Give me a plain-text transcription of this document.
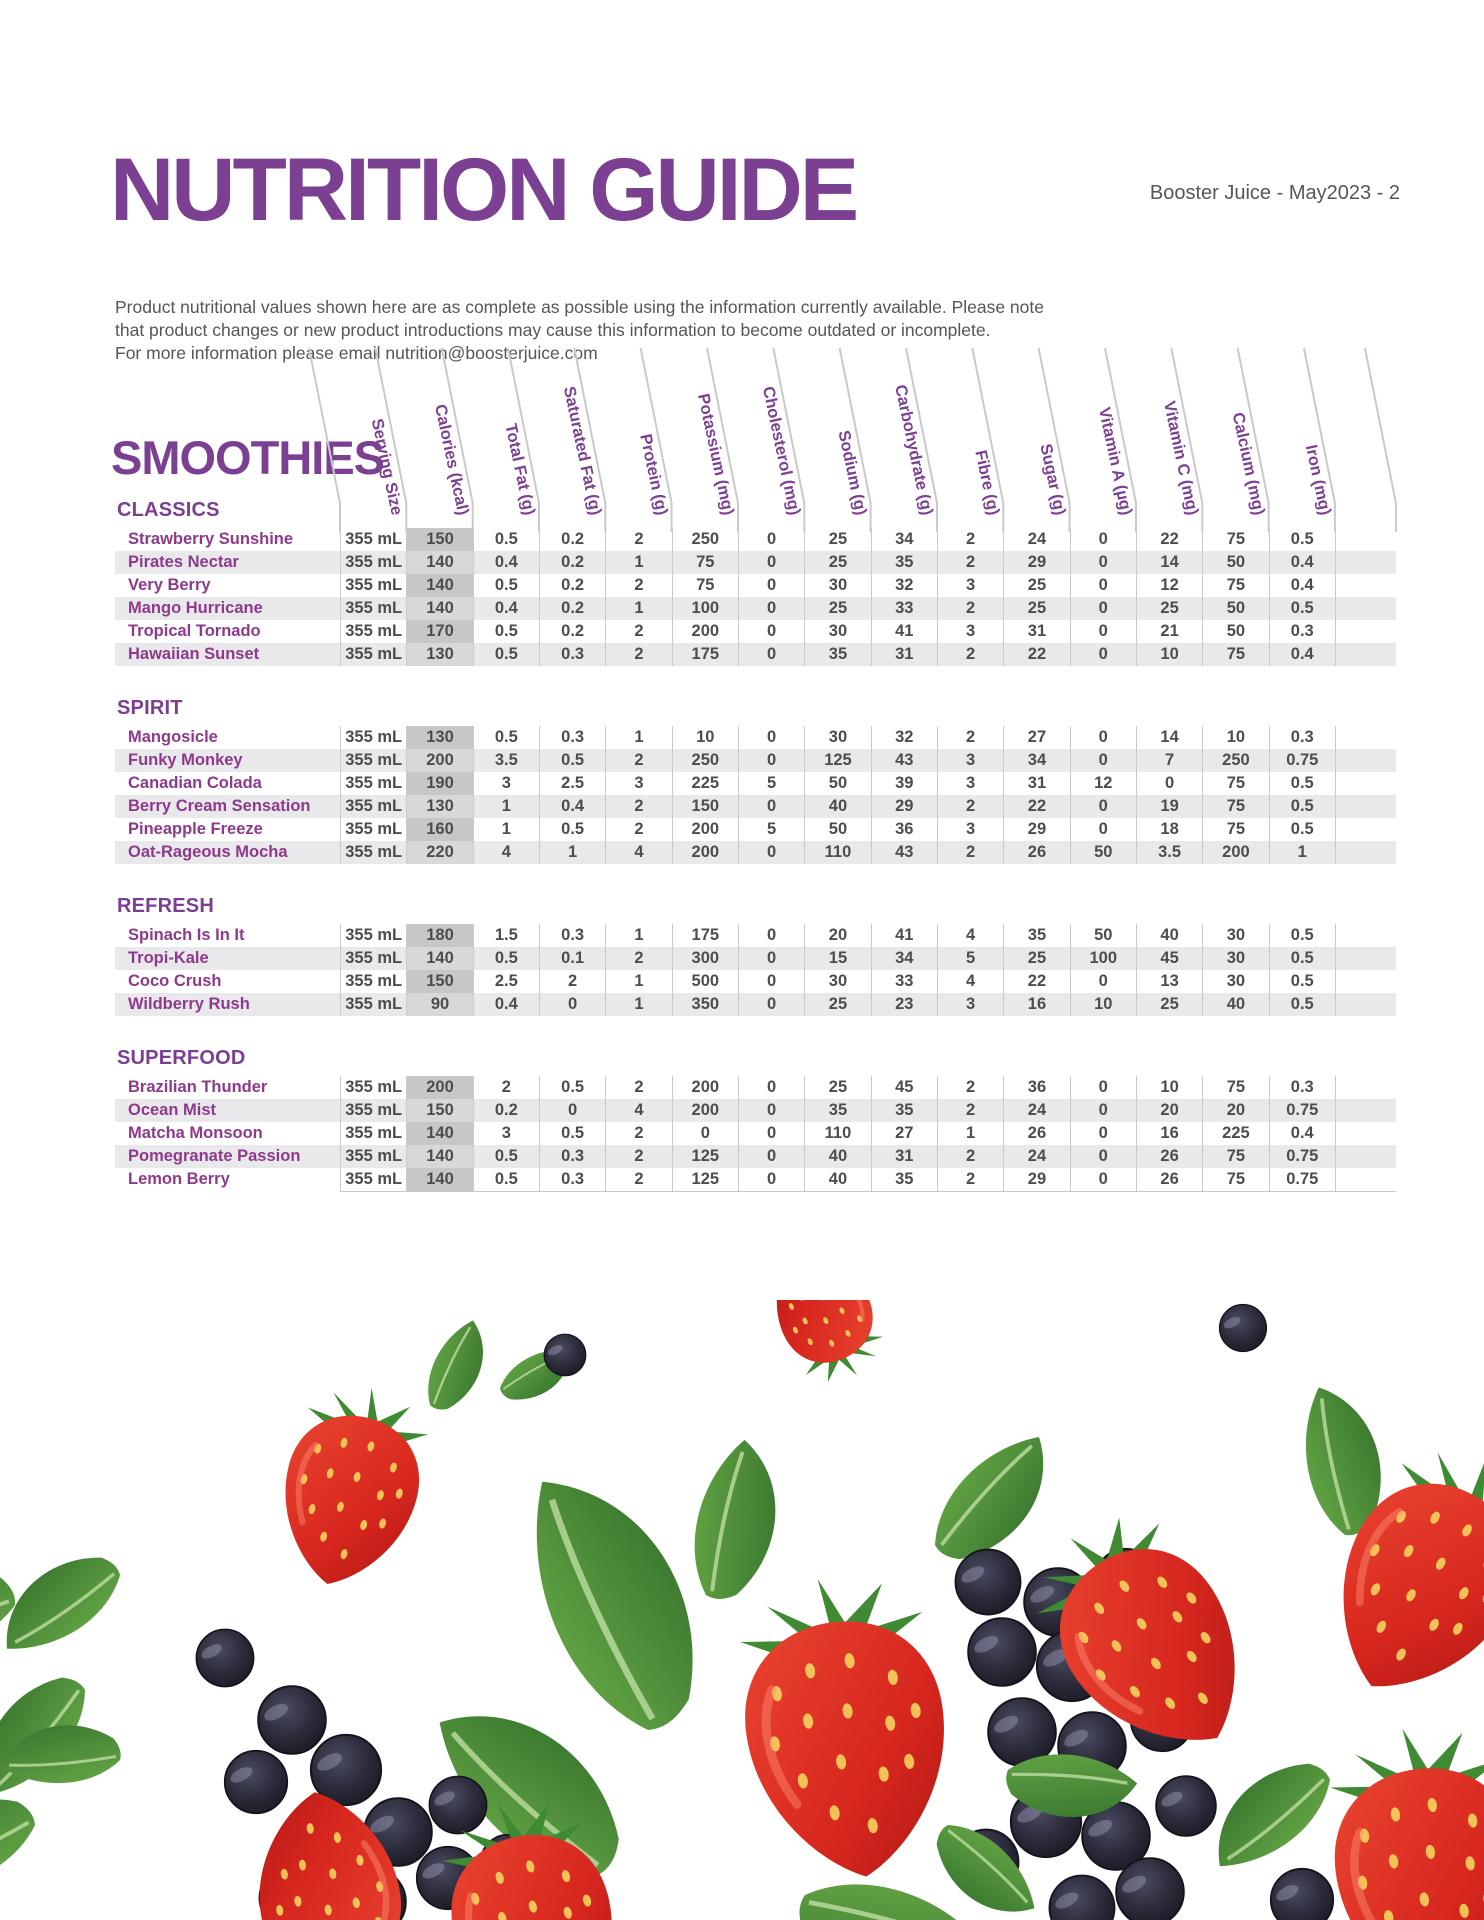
NUTRITION GUIDE	Booster Juice - May2023 - 2
Product nutritional values shown here are as complete as possible using the information currently available. Please note
that product changes or new product introductions may cause this information to become outdated or incomplete.
For more information please email nutrition@boosterjuice.com
SMOOTHIES
Serving Size Calories (kcal) Total Fat (g) Saturated Fat (g) Protein (g) Potassium (mg) Cholesterol (mg) Sodium (g) Carbohydrate (g) Fibre (g) Sugar (g) Vitamin A (µg) Vitamin C (mg) Calcium (mg) Iron (mg)
CLASSICS
Strawberry Sunshine	355 mL	150	0.5	0.2	2	250	0	25	34	2	24	0	22	75	0.5
Pirates Nectar	355 mL	140	0.4	0.2	1	75	0	25	35	2	29	0	14	50	0.4
Very Berry	355 mL	140	0.5	0.2	2	75	0	30	32	3	25	0	12	75	0.4
Mango Hurricane	355 mL	140	0.4	0.2	1	100	0	25	33	2	25	0	25	50	0.5
Tropical Tornado	355 mL	170	0.5	0.2	2	200	0	30	41	3	31	0	21	50	0.3
Hawaiian Sunset	355 mL	130	0.5	0.3	2	175	0	35	31	2	22	0	10	75	0.4
SPIRIT
Mangosicle	355 mL	130	0.5	0.3	1	10	0	30	32	2	27	0	14	10	0.3
Funky Monkey	355 mL	200	3.5	0.5	2	250	0	125	43	3	34	0	7	250	0.75
Canadian Colada	355 mL	190	3	2.5	3	225	5	50	39	3	31	12	0	75	0.5
Berry Cream Sensation	355 mL	130	1	0.4	2	150	0	40	29	2	22	0	19	75	0.5
Pineapple Freeze	355 mL	160	1	0.5	2	200	5	50	36	3	29	0	18	75	0.5
Oat-Rageous Mocha	355 mL	220	4	1	4	200	0	110	43	2	26	50	3.5	200	1
REFRESH
Spinach Is In It	355 mL	180	1.5	0.3	1	175	0	20	41	4	35	50	40	30	0.5
Tropi-Kale	355 mL	140	0.5	0.1	2	300	0	15	34	5	25	100	45	30	0.5
Coco Crush	355 mL	150	2.5	2	1	500	0	30	33	4	22	0	13	30	0.5
Wildberry Rush	355 mL	90	0.4	0	1	350	0	25	23	3	16	10	25	40	0.5
SUPERFOOD
Brazilian Thunder	355 mL	200	2	0.5	2	200	0	25	45	2	36	0	10	75	0.3
Ocean Mist	355 mL	150	0.2	0	4	200	0	35	35	2	24	0	20	20	0.75
Matcha Monsoon	355 mL	140	3	0.5	2	0	0	110	27	1	26	0	16	225	0.4
Pomegranate Passion	355 mL	140	0.5	0.3	2	125	0	40	31	2	24	0	26	75	0.75
Lemon Berry	355 mL	140	0.5	0.3	2	125	0	40	35	2	29	0	26	75	0.75
